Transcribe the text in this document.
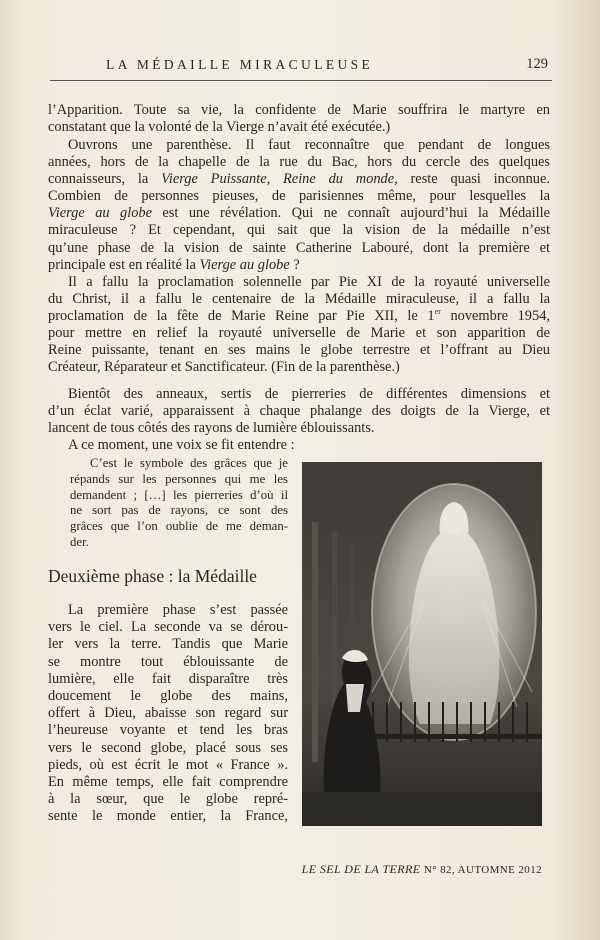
LA MÉDAILLE MIRACULEUSE	129
l’Apparition. Toute sa vie, la confidente de Marie souffrira le martyre en
constatant que la volonté de la Vierge n’avait été exécutée.)
Ouvrons une parenthèse. Il faut reconnaître que pendant de longues
années, hors de la chapelle de la rue du Bac, hors du cercle des quelques
connaisseurs, la Vierge Puissante, Reine du monde, reste quasi inconnue.
Combien de personnes pieuses, de parisiennes même, pour lesquelles la
Vierge au globe est une révélation. Qui ne connaît aujourd’hui la Médaille
miraculeuse ? Et cependant, qui sait que la vision de la médaille n’est
qu’une phase de la vision de sainte Catherine Labouré, dont la première et
principale est en réalité la Vierge au globe ?
Il a fallu la proclamation solennelle par Pie XI de la royauté universelle
du Christ, il a fallu le centenaire de la Médaille miraculeuse, il a fallu la
proclamation de la fête de Marie Reine par Pie XII, le 1er novembre 1954,
pour mettre en relief la royauté universelle de Marie et son apparition de
Reine puissante, tenant en ses mains le globe terrestre et l’offrant au Dieu
Créateur, Réparateur et Sanctificateur. (Fin de la parenthèse.)
Bientôt des anneaux, sertis de pierreries de différentes dimensions et
d’un éclat varié, apparaissent à chaque phalange des doigts de la Vierge, et
lancent de tous côtés des rayons de lumière éblouissants.
A ce moment, une voix se fit entendre :
C’est le symbole des grâces que je
répands sur les personnes qui me les
demandent ; […] les pierreries d’où il
ne sort pas de rayons, ce sont des
grâces que l’on oublie de me deman-
der.
Deuxième phase : la Médaille
La première phase s’est passée
vers le ciel. La seconde va se dérou-
ler vers la terre. Tandis que Marie
se montre tout éblouissante de
lumière, elle fait disparaître très
doucement le globe des mains,
offert à Dieu, abaisse son regard sur
l’heureuse voyante et tend les bras
vers le second globe, placé sous ses
pieds, où est écrit le mot « France ».
En même temps, elle fait comprendre
à la sœur, que le globe repré-
sente le monde entier, la France,
LE SEL DE LA TERRE N° 82, AUTOMNE 2012
